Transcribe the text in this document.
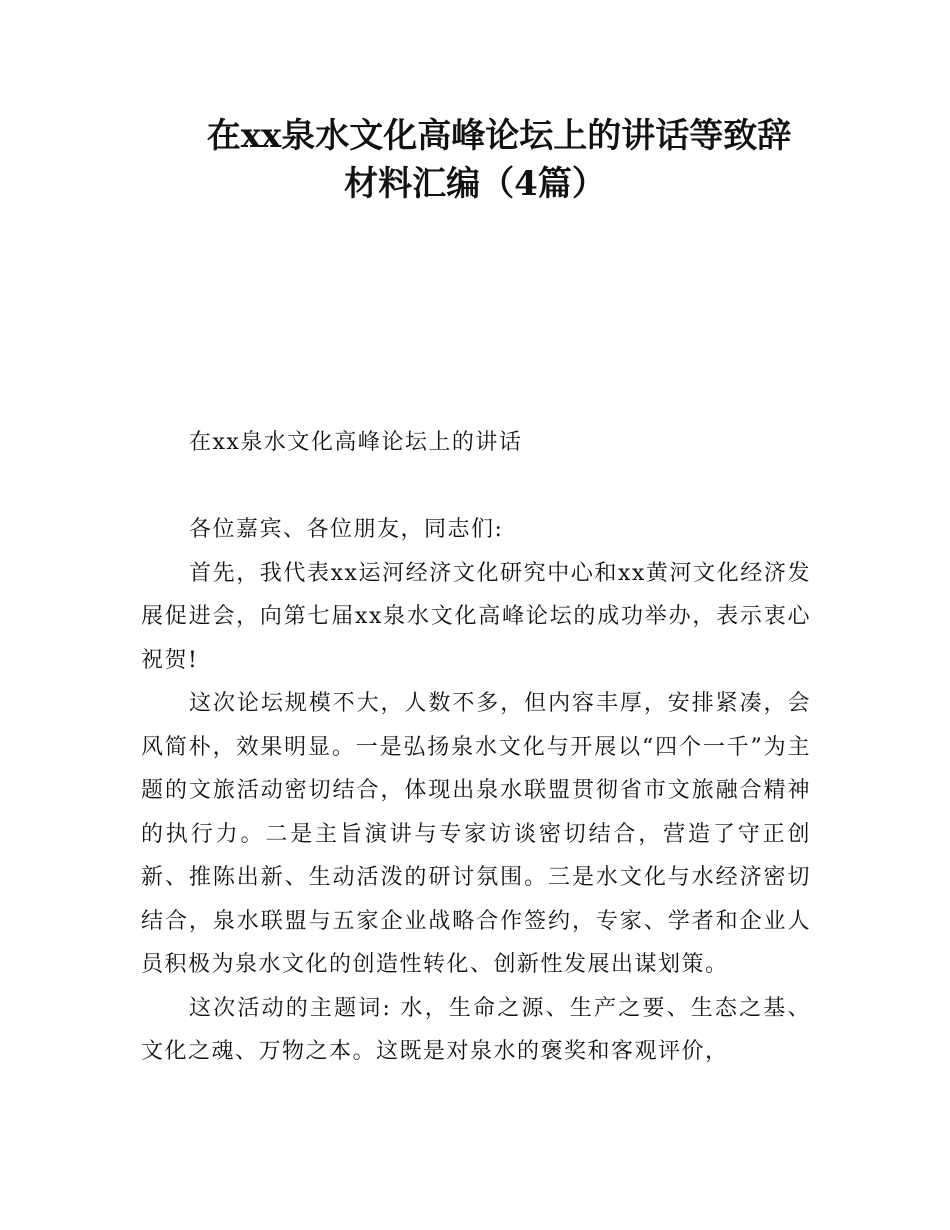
在xx泉水文化高峰论坛上的讲话等致辞
材料汇编（4篇）

在xx泉水文化高峰论坛上的讲话

各位嘉宾、各位朋友，同志们:

首先，我代表xx运河经济文化研究中心和xx黄河文化经济发展促进会，向第七届xx泉水文化高峰论坛的成功举办，表示衷心祝贺!

这次论坛规模不大，人数不多，但内容丰厚，安排紧凑，会风简朴，效果明显。一是弘扬泉水文化与开展以“四个一千”为主题的文旅活动密切结合，体现出泉水联盟贯彻省市文旅融合精神的执行力。二是主旨演讲与专家访谈密切结合，营造了守正创新、推陈出新、生动活泼的研讨氛围。三是水文化与水经济密切结合，泉水联盟与五家企业战略合作签约，专家、学者和企业人员积极为泉水文化的创造性转化、创新性发展出谋划策。

这次活动的主题词: 水，生命之源、生产之要、生态之基、文化之魂、万物之本。这既是对泉水的褒奖和客观评价，
